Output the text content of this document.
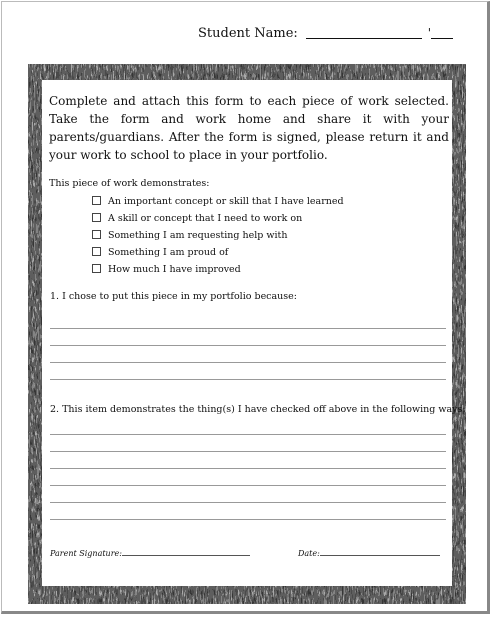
Student Name:	'
Complete and attach this form to each piece of work selected. Take the form and work home and share it with your parents/guardians. After the form is signed, please return it and your work to school to place in your portfolio.
This piece of work demonstrates:
An important concept or skill that I have learned
A skill or concept that I need to work on
Something I am requesting help with
Something I am proud of
How much I have improved
1. I chose to put this piece in my portfolio because:
2. This item demonstrates the thing(s) I have checked off above in the following ways:
Parent Signature:	Date:
